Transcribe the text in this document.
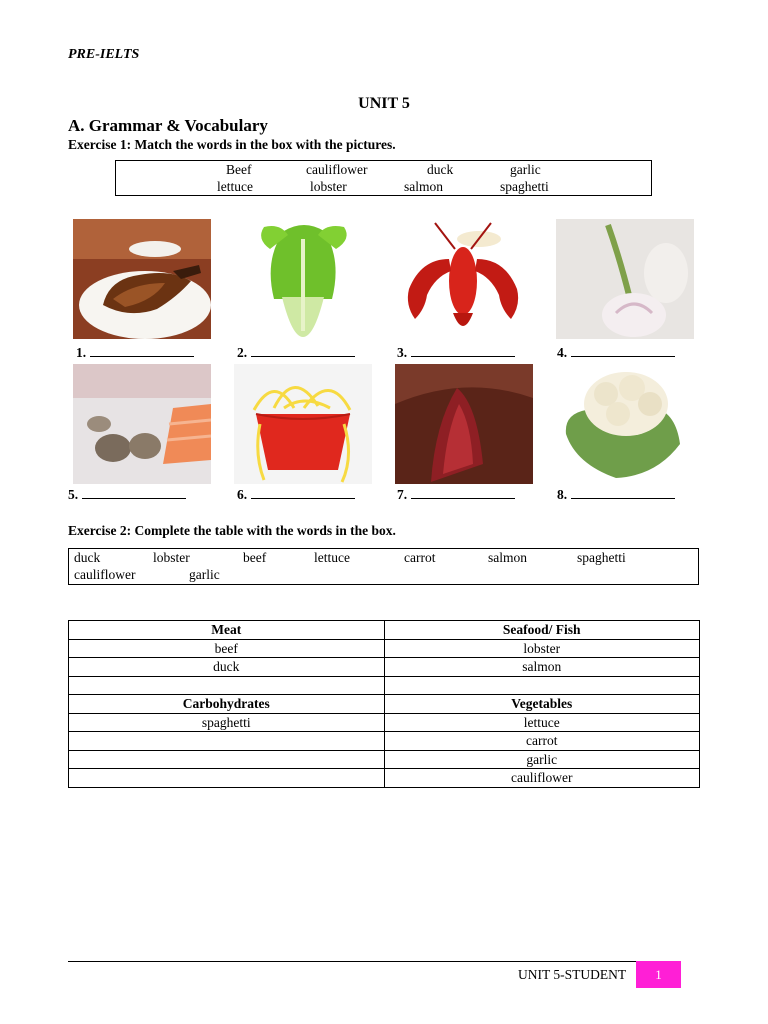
PRE-IELTS
UNIT 5
A. Grammar & Vocabulary
Exercise 1: Match the words in the box with the pictures.
Beef	cauliflower	duck	garlic
lettuce	lobster	salmon	spaghetti
1.	2.	3.	4.
5.	6.	7.	8.
Exercise 2: Complete the table with the words in the box.
duck	lobster	beef	lettuce	carrot	salmon	spaghetti
cauliflower	garlic
Meat	Seafood/ Fish
beef	lobster
duck	salmon

Carbohydrates	Vegetables
spaghetti	lettuce
	carrot
	garlic
	cauliflower
UNIT 5-STUDENT	1
